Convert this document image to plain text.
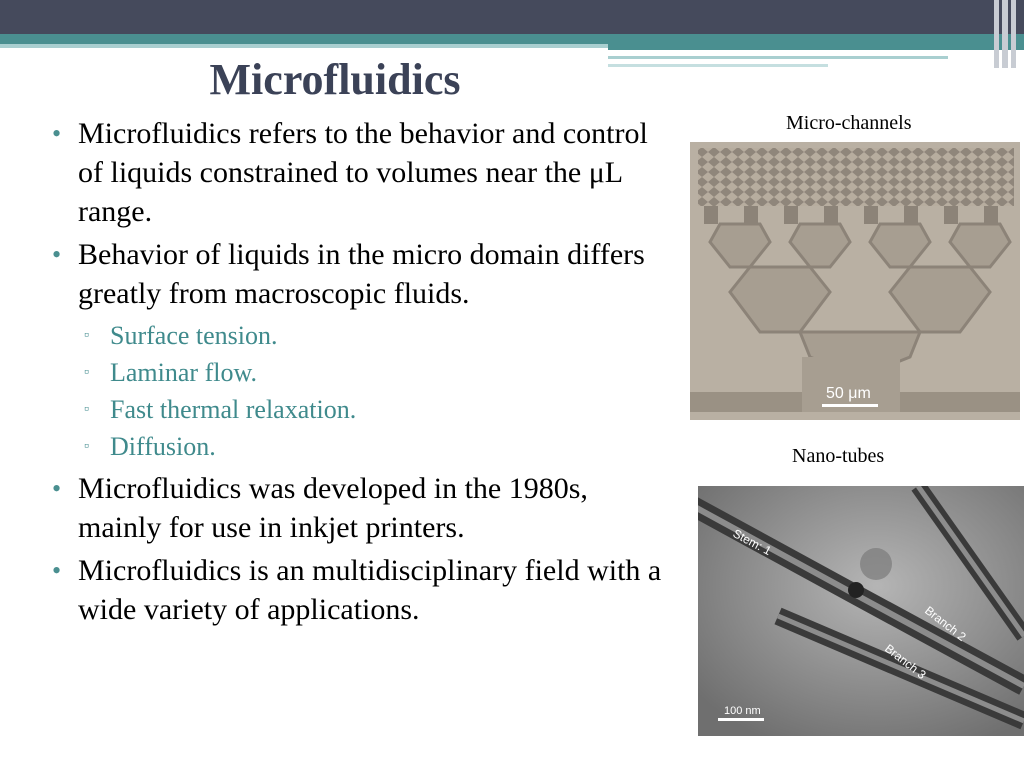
Microfluidics
• Microfluidics refers to the behavior and control of liquids constrained to volumes near the μL range.
• Behavior of liquids in the micro domain differs greatly from macroscopic fluids.
▫ Surface tension.
▫ Laminar flow.
▫ Fast thermal relaxation.
▫ Diffusion.
• Microfluidics was developed in the 1980s, mainly for use in inkjet printers.
• Microfluidics is an multidisciplinary field with a wide variety of applications.
Micro-channels
50 μm
Nano-tubes
Stem: 1
Branch 2
Branch 3
100 nm
